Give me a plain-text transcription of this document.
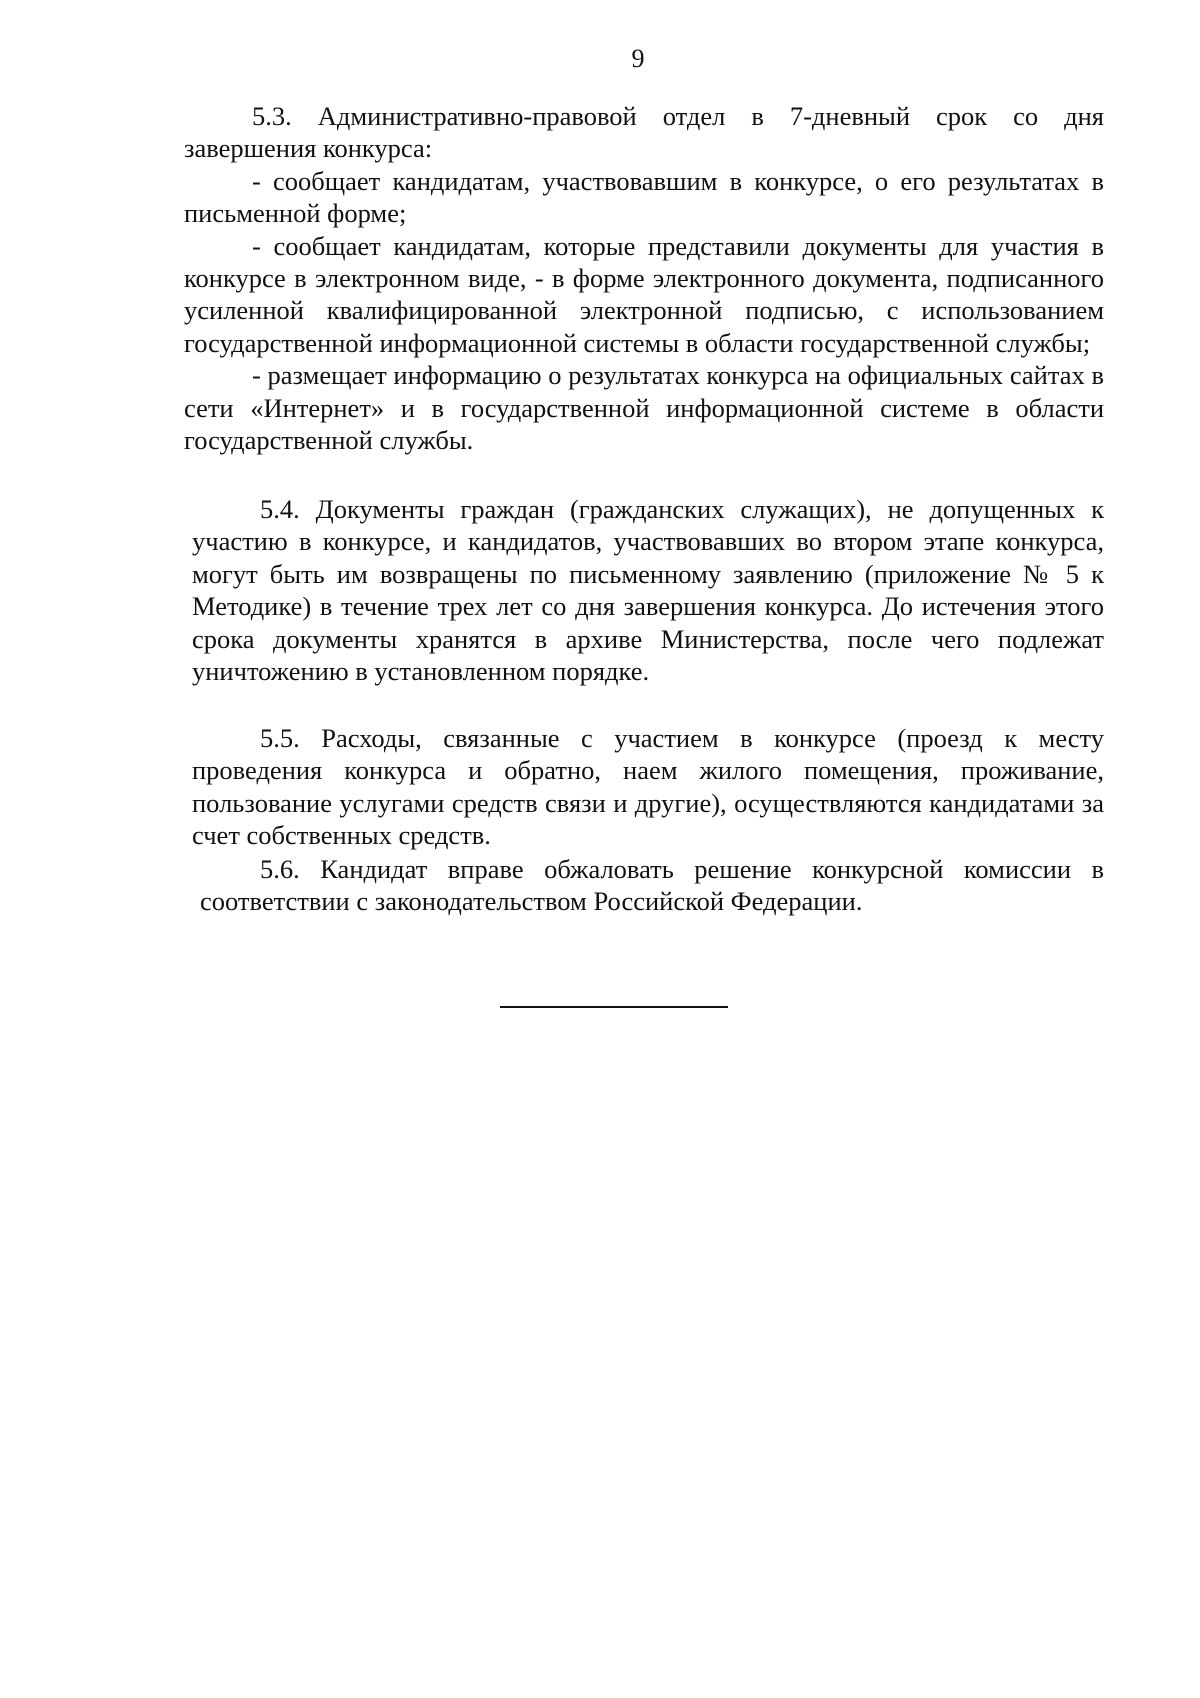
9

5.3. Административно-правовой отдел в 7-дневный срок со дня завершения конкурса:

- сообщает кандидатам, участвовавшим в конкурсе, о его результатах в письменной форме;

- сообщает кандидатам, которые представили документы для участия в конкурсе в электронном виде, - в форме электронного документа, подписанного усиленной квалифицированной электронной подписью, с использованием государственной информационной системы в области государственной службы;

- размещает информацию о результатах конкурса на официальных сайтах в сети «Интернет» и в государственной информационной системе в области государственной службы.

5.4. Документы граждан (гражданских служащих), не допущенных к участию в конкурсе, и кандидатов, участвовавших во втором этапе конкурса, могут быть им возвращены по письменному заявлению (приложение № 5 к Методике) в течение трех лет со дня завершения конкурса. До истечения этого срока документы хранятся в архиве Министерства, после чего подлежат уничтожению в установленном порядке.

5.5. Расходы, связанные с участием в конкурсе (проезд к месту проведения конкурса и обратно, наем жилого помещения, проживание, пользование услугами средств связи и другие), осуществляются кандидатами за счет собственных средств.

5.6. Кандидат вправе обжаловать решение конкурсной комиссии в соответствии с законодательством Российской Федерации.
